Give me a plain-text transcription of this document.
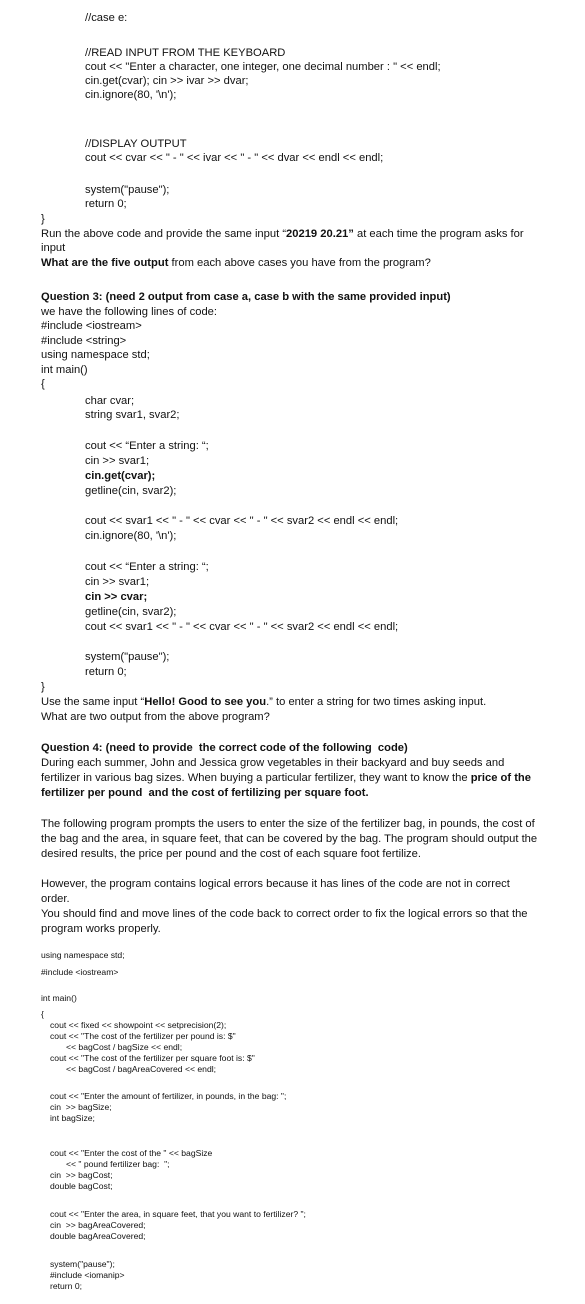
//case e:
//READ INPUT FROM THE KEYBOARD
cout << "Enter a character, one integer, one decimal number : " << endl;
cin.get(cvar); cin >> ivar >> dvar;
cin.ignore(80, '\n');
//DISPLAY OUTPUT
cout << cvar << " - " << ivar << " - " << dvar << endl << endl;
system("pause");
return 0;
}
Run the above code and provide the same input “20219 20.21” at each time the program asks for
input
What are the five output from each above cases you have from the program?
Question 3: (need 2 output from case a, case b with the same provided input)
we have the following lines of code:
#include <iostream>
#include <string>
using namespace std;
int main()
{
char cvar;
string svar1, svar2;
cout << “Enter a string: “;
cin >> svar1;
cin.get(cvar);
getline(cin, svar2);
cout << svar1 << " - " << cvar << " - " << svar2 << endl << endl;
cin.ignore(80, '\n');
cout << “Enter a string: “;
cin >> svar1;
cin >> cvar;
getline(cin, svar2);
cout << svar1 << " - " << cvar << " - " << svar2 << endl << endl;
system("pause");
return 0;
}
Use the same input “Hello! Good to see you.” to enter a string for two times asking input.
What are two output from the above program?
Question 4: (need to provide  the correct code of the following  code)
During each summer, John and Jessica grow vegetables in their backyard and buy seeds and
fertilizer in various bag sizes. When buying a particular fertilizer, they want to know the price of the
fertilizer per pound  and the cost of fertilizing per square foot.
The following program prompts the users to enter the size of the fertilizer bag, in pounds, the cost of
the bag and the area, in square feet, that can be covered by the bag. The program should output the
desired results, the price per pound and the cost of each square foot fertilize.
However, the program contains logical errors because it has lines of the code are not in correct
order.
You should find and move lines of the code back to correct order to fix the logical errors so that the
program works properly.
using namespace std;
#include <iostream>
int main()
{
cout << fixed << showpoint << setprecision(2);
cout << "The cost of the fertilizer per pound is: $"
<< bagCost / bagSize << endl;
cout << "The cost of the fertilizer per square foot is: $"
<< bagCost / bagAreaCovered << endl;
cout << "Enter the amount of fertilizer, in pounds, in the bag: ";
cin  >> bagSize;
int bagSize;
cout << "Enter the cost of the " << bagSize
<< " pound fertilizer bag:  ";
cin  >> bagCost;
double bagCost;
cout << "Enter the area, in square feet, that you want to fertilizer? ";
cin  >> bagAreaCovered;
double bagAreaCovered;
system("pause");
#include <iomanip>
return 0;
